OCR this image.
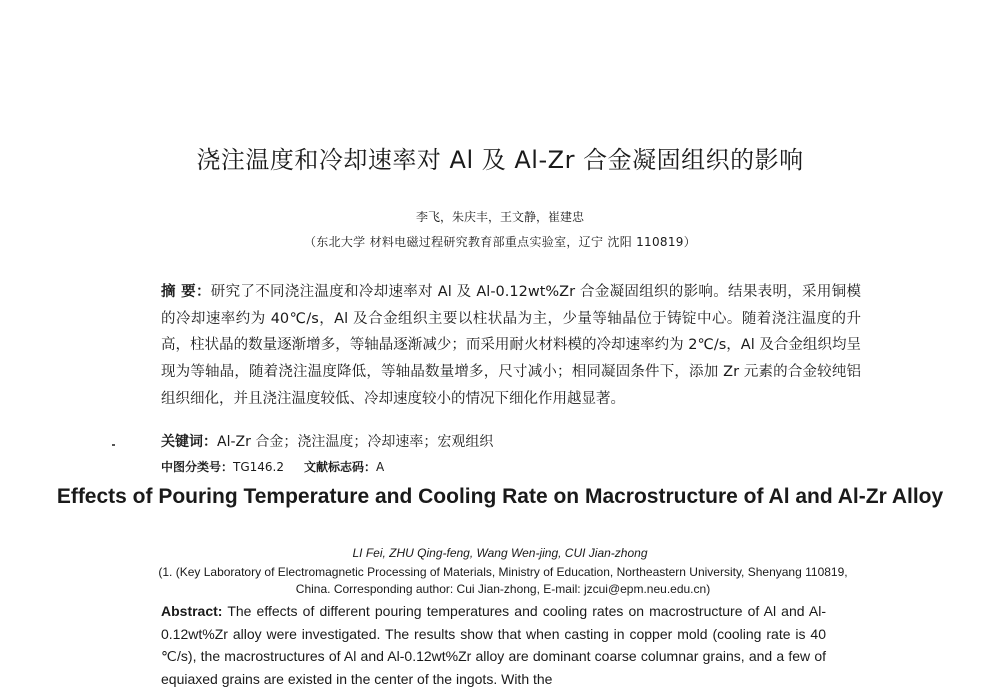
浇注温度和冷却速率对 Al 及 Al-Zr 合金凝固组织的影响
李飞，朱庆丰，王文静，崔建忠
（东北大学 材料电磁过程研究教育部重点实验室，辽宁 沈阳 110819）
摘 要：研究了不同浇注温度和冷却速率对 Al 及 Al-0.12wt%Zr 合金凝固组织的影响。结果表明，采用铜模的冷却速率约为 40℃/s，Al 及合金组织主要以柱状晶为主，少量等轴晶位于铸锭中心。随着浇注温度的升高，柱状晶的数量逐渐增多，等轴晶逐渐减少；而采用耐火材料模的冷却速率约为 2℃/s，Al 及合金组织均呈现为等轴晶，随着浇注温度降低，等轴晶数量增多，尺寸减小；相同凝固条件下，添加 Zr 元素的合金较纯铝组织细化，并且浇注温度较低、冷却速度较小的情况下细化作用越显著。
关键词：Al-Zr 合金；浇注温度；冷却速率；宏观组织
中图分类号：TG146.2 文献标志码：A
Effects of Pouring Temperature and Cooling Rate on Macrostructure of Al and Al-Zr Alloy
LI Fei, ZHU Qing-feng, Wang Wen-jing, CUI Jian-zhong
(1. (Key Laboratory of Electromagnetic Processing of Materials, Ministry of Education, Northeastern University, Shenyang 110819, China. Corresponding author: Cui Jian-zhong, E-mail: jzcui@epm.neu.edu.cn)
Abstract: The effects of different pouring temperatures and cooling rates on macrostructure of Al and Al-0.12wt%Zr alloy were investigated. The results show that when casting in copper mold (cooling rate is 40 ℃/s), the macrostructures of Al and Al-0.12wt%Zr alloy are dominant coarse columnar grains, and a few of equiaxed grains are existed in the center of the ingots. With the
